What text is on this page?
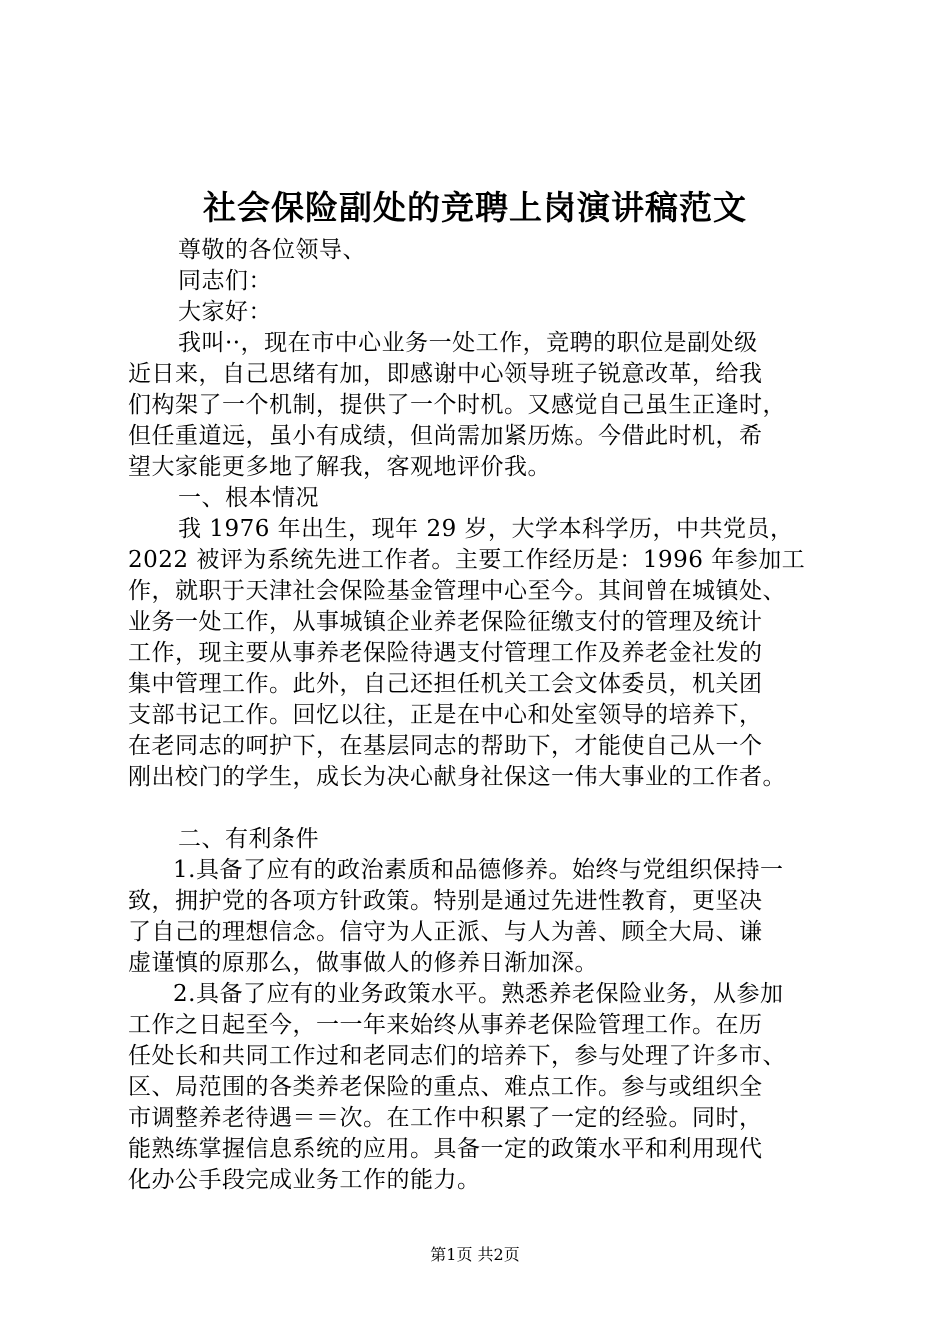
社会保险副处的竞聘上岗演讲稿范文
尊敬的各位领导、
同志们：
大家好：
我叫··，现在市中心业务一处工作，竞聘的职位是副处级
近日来，自己思绪有加，即感谢中心领导班子锐意改革，给我
们构架了一个机制，提供了一个时机。又感觉自己虽生正逢时，
但任重道远，虽小有成绩，但尚需加紧历炼。今借此时机，希
望大家能更多地了解我，客观地评价我。
一、根本情况
我 1976 年出生，现年 29 岁，大学本科学历，中共党员，
2022 被评为系统先进工作者。主要工作经历是：1996 年参加工
作，就职于天津社会保险基金管理中心至今。其间曾在城镇处、
业务一处工作，从事城镇企业养老保险征缴支付的管理及统计
工作，现主要从事养老保险待遇支付管理工作及养老金社发的
集中管理工作。此外，自己还担任机关工会文体委员，机关团
支部书记工作。回忆以往，正是在中心和处室领导的培养下，
在老同志的呵护下，在基层同志的帮助下，才能使自己从一个
刚出校门的学生，成长为决心献身社保这一伟大事业的工作者。
二、有利条件
1.具备了应有的政治素质和品德修养。始终与党组织保持一
致，拥护党的各项方针政策。特别是通过先进性教育，更坚决
了自己的理想信念。信守为人正派、与人为善、顾全大局、谦
虚谨慎的原那么，做事做人的修养日渐加深。
2.具备了应有的业务政策水平。熟悉养老保险业务，从参加
工作之日起至今，一一年来始终从事养老保险管理工作。在历
任处长和共同工作过和老同志们的培养下，参与处理了许多市、
区、局范围的各类养老保险的重点、难点工作。参与或组织全
市调整养老待遇＝＝次。在工作中积累了一定的经验。同时，
能熟练掌握信息系统的应用。具备一定的政策水平和利用现代
化办公手段完成业务工作的能力。
第1页 共2页
